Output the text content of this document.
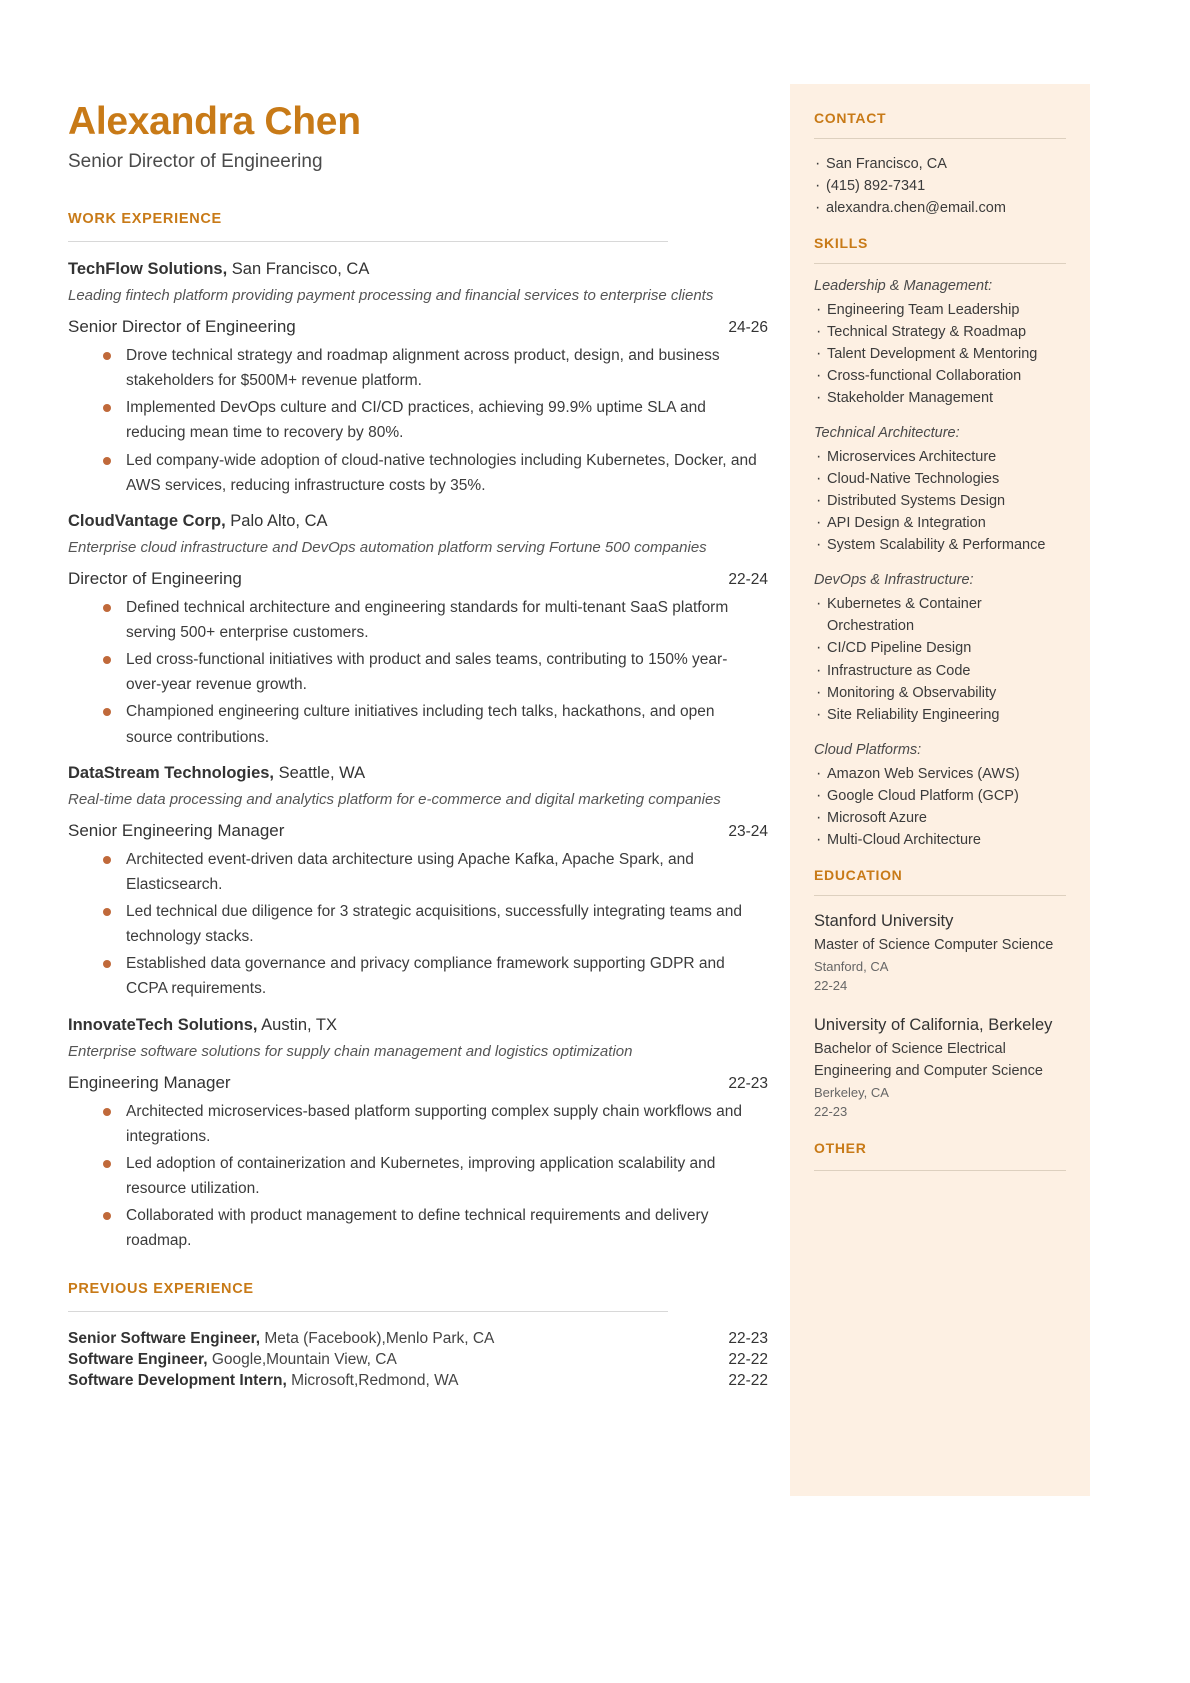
Alexandra Chen
Senior Director of Engineering
WORK EXPERIENCE
TechFlow Solutions, San Francisco, CA
Leading fintech platform providing payment processing and financial services to enterprise clients
Senior Director of Engineering	24-26
Drove technical strategy and roadmap alignment across product, design, and business stakeholders for $500M+ revenue platform.
Implemented DevOps culture and CI/CD practices, achieving 99.9% uptime SLA and reducing mean time to recovery by 80%.
Led company-wide adoption of cloud-native technologies including Kubernetes, Docker, and AWS services, reducing infrastructure costs by 35%.
CloudVantage Corp, Palo Alto, CA
Enterprise cloud infrastructure and DevOps automation platform serving Fortune 500 companies
Director of Engineering	22-24
Defined technical architecture and engineering standards for multi-tenant SaaS platform serving 500+ enterprise customers.
Led cross-functional initiatives with product and sales teams, contributing to 150% year-over-year revenue growth.
Championed engineering culture initiatives including tech talks, hackathons, and open source contributions.
DataStream Technologies, Seattle, WA
Real-time data processing and analytics platform for e-commerce and digital marketing companies
Senior Engineering Manager	23-24
Architected event-driven data architecture using Apache Kafka, Apache Spark, and Elasticsearch.
Led technical due diligence for 3 strategic acquisitions, successfully integrating teams and technology stacks.
Established data governance and privacy compliance framework supporting GDPR and CCPA requirements.
InnovateTech Solutions, Austin, TX
Enterprise software solutions for supply chain management and logistics optimization
Engineering Manager	22-23
Architected microservices-based platform supporting complex supply chain workflows and integrations.
Led adoption of containerization and Kubernetes, improving application scalability and resource utilization.
Collaborated with product management to define technical requirements and delivery roadmap.
PREVIOUS EXPERIENCE
Senior Software Engineer, Meta (Facebook),Menlo Park, CA	22-23
Software Engineer, Google,Mountain View, CA	22-22
Software Development Intern, Microsoft,Redmond, WA	22-22
CONTACT
· San Francisco, CA
· (415) 892-7341
· alexandra.chen@email.com
SKILLS
Leadership & Management:
· Engineering Team Leadership
· Technical Strategy & Roadmap
· Talent Development & Mentoring
· Cross-functional Collaboration
· Stakeholder Management
Technical Architecture:
· Microservices Architecture
· Cloud-Native Technologies
· Distributed Systems Design
· API Design & Integration
· System Scalability & Performance
DevOps & Infrastructure:
· Kubernetes & Container Orchestration
· CI/CD Pipeline Design
· Infrastructure as Code
· Monitoring & Observability
· Site Reliability Engineering
Cloud Platforms:
· Amazon Web Services (AWS)
· Google Cloud Platform (GCP)
· Microsoft Azure
· Multi-Cloud Architecture
EDUCATION
Stanford University
Master of Science Computer Science
Stanford, CA
22-24
University of California, Berkeley
Bachelor of Science Electrical Engineering and Computer Science
Berkeley, CA
22-23
OTHER
